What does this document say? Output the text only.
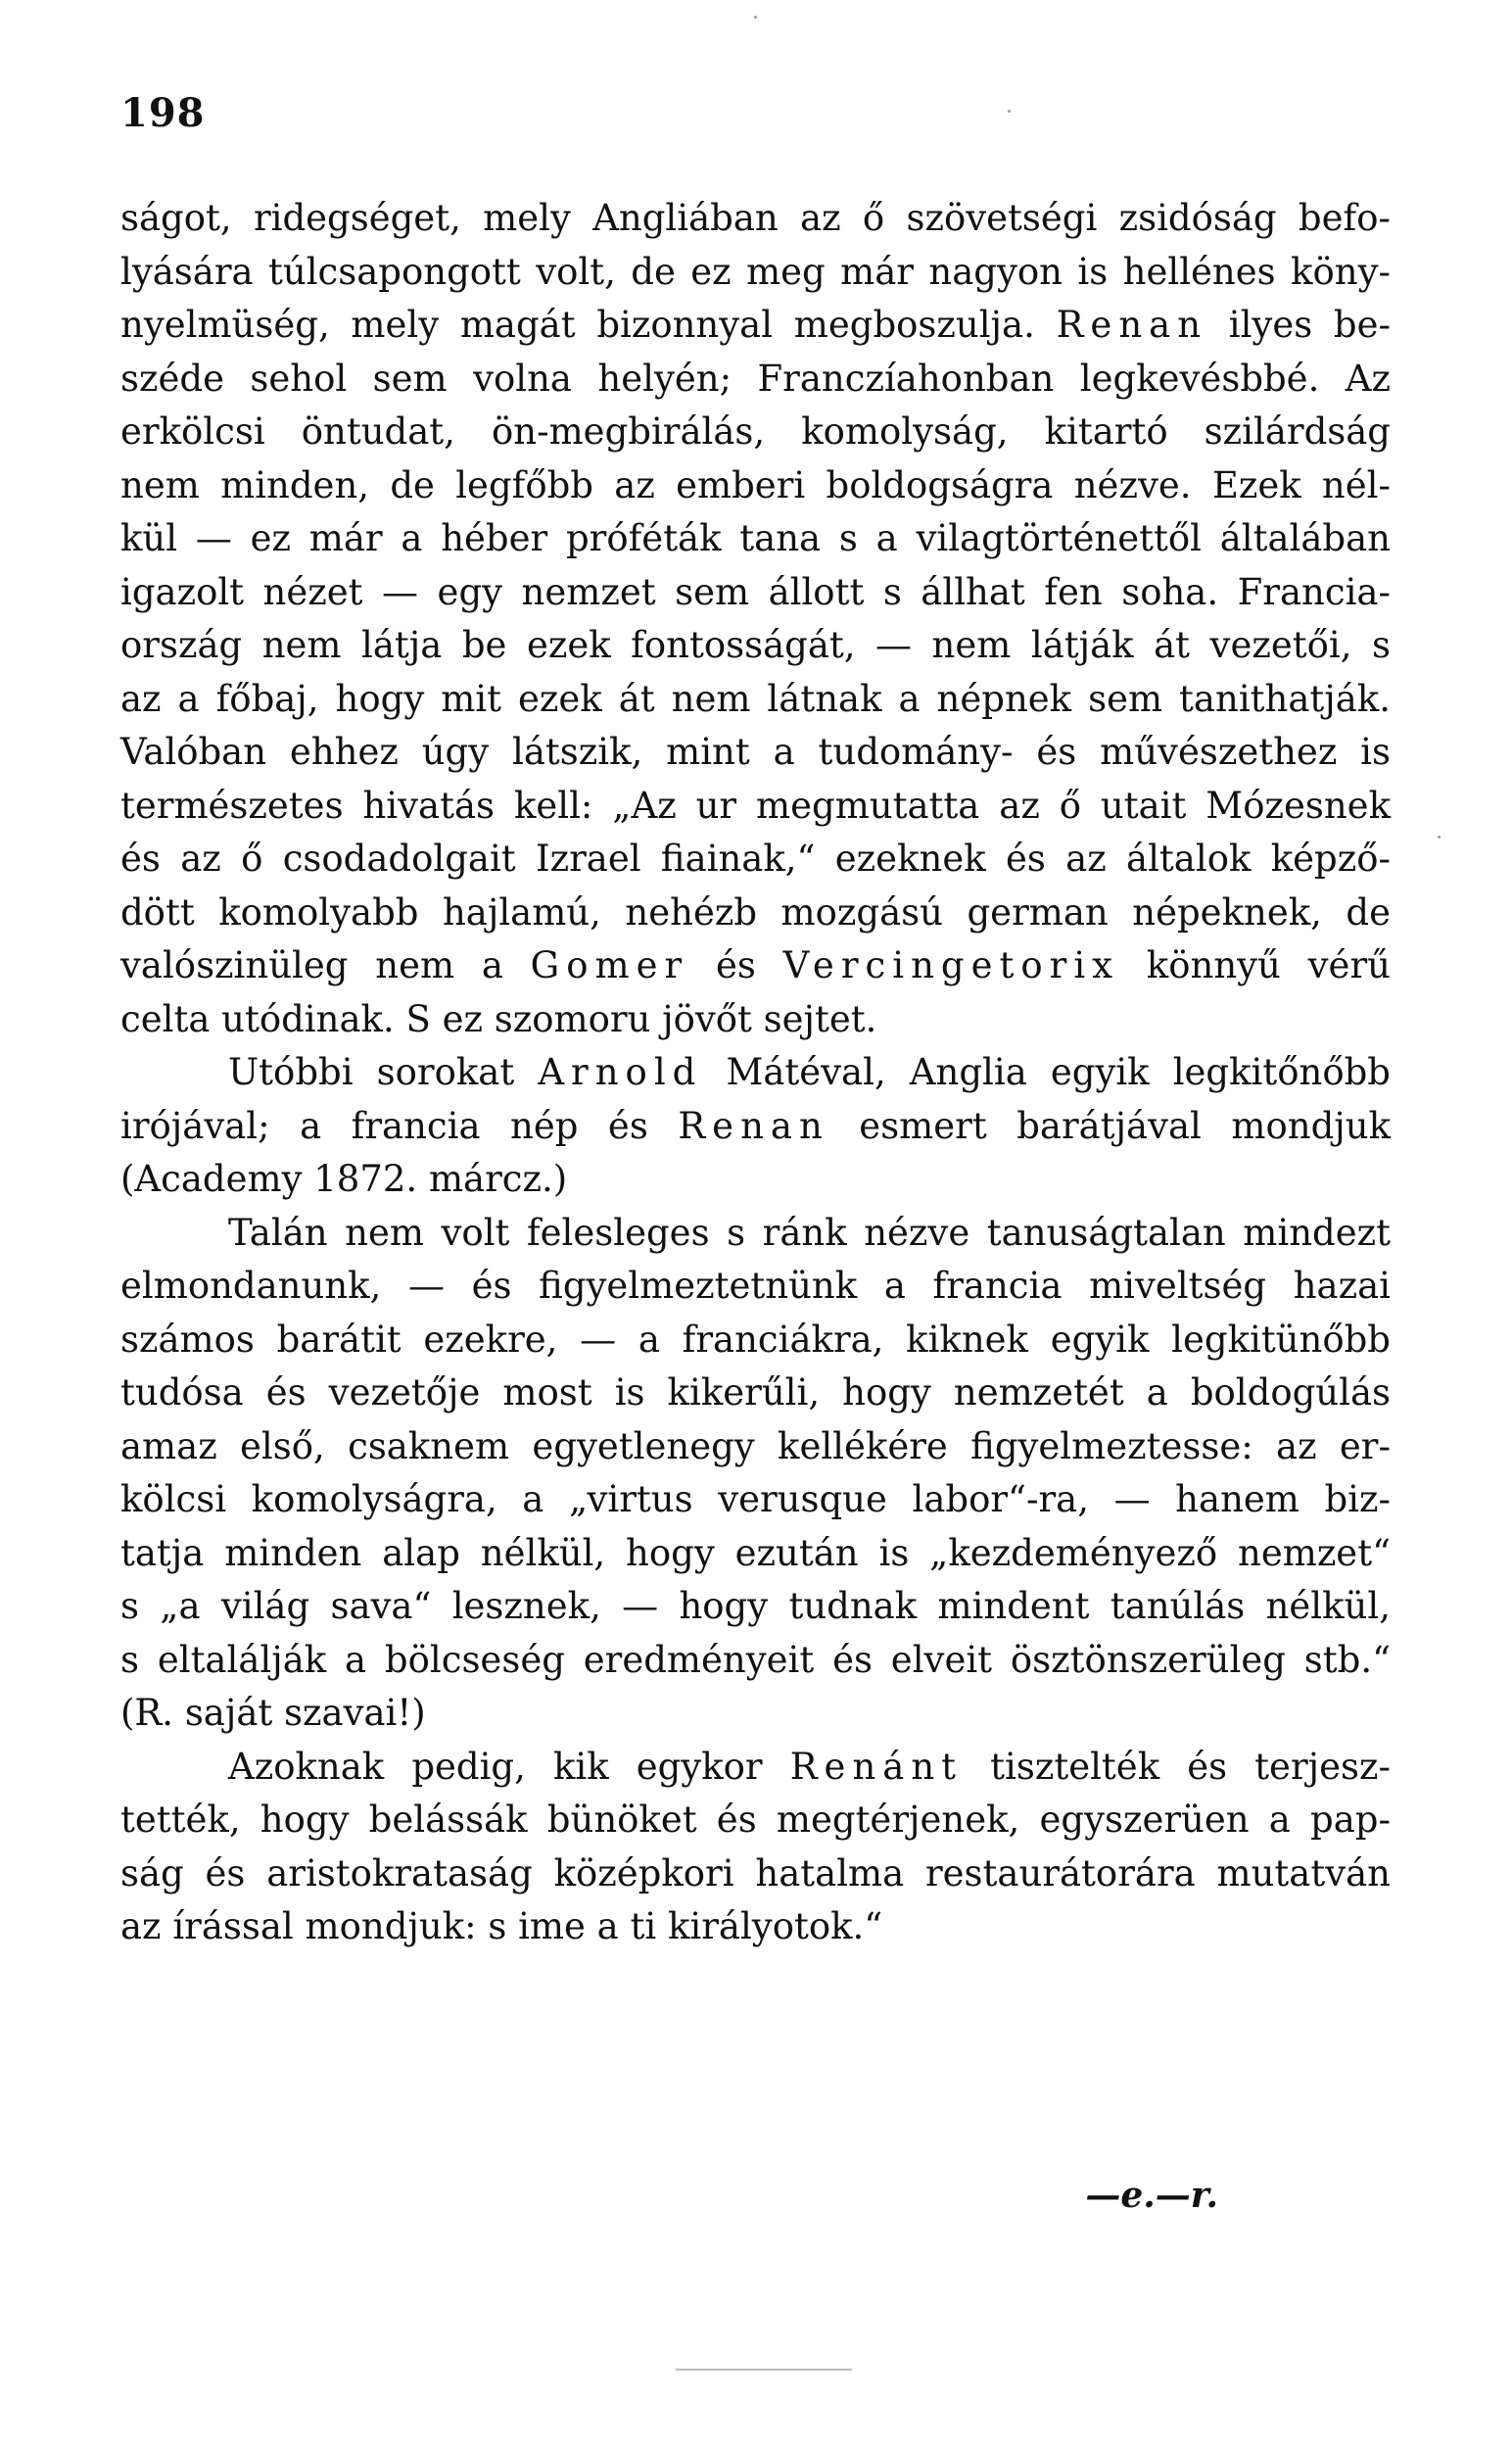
198
ságot, ridegséget, mely Angliában az ő szövetségi zsidóság befo-
lyására túlcsapongott volt, de ez meg már nagyon is hellénes köny-
nyelmüség, mely magát bizonnyal megboszulja. Renan ilyes be-
széde sehol sem volna helyén; Franczíahonban legkevésbbé. Az
erkölcsi öntudat, ön-megbirálás, komolyság, kitartó szilárdság
nem minden, de legfőbb az emberi boldogságra nézve. Ezek nél-
kül — ez már a héber próféták tana s a vilagtörténettől általában
igazolt nézet — egy nemzet sem állott s állhat fen soha. Francia-
ország nem látja be ezek fontosságát, — nem látják át vezetői, s
az a főbaj, hogy mit ezek át nem látnak a népnek sem tanithatják.
Valóban ehhez úgy látszik, mint a tudomány- és művészethez is
természetes hivatás kell: „Az ur megmutatta az ő utait Mózesnek
és az ő csodadolgait Izrael fiainak,“ ezeknek és az általok képző-
dött komolyabb hajlamú, nehézb mozgású german népeknek, de
valószinüleg nem a Gomer és Vercingetorix könnyű vérű
celta utódinak. S ez szomoru jövőt sejtet.
Utóbbi sorokat Arnold Mátéval, Anglia egyik legkitőnőbb
irójával; a francia nép és Renan esmert barátjával mondjuk
(Academy 1872. márcz.)
Talán nem volt felesleges s ránk nézve tanuságtalan mindezt
elmondanunk, — és figyelmeztetnünk a francia miveltség hazai
számos barátit ezekre, — a franciákra, kiknek egyik legkitünőbb
tudósa és vezetője most is kikerűli, hogy nemzetét a boldogúlás
amaz első, csaknem egyetlenegy kellékére figyelmeztesse: az er-
kölcsi komolyságra, a „virtus verusque labor“-ra, — hanem biz-
tatja minden alap nélkül, hogy ezután is „kezdeményező nemzet“
s „a világ sava“ lesznek, — hogy tudnak mindent tanúlás nélkül,
s eltalálják a bölcseség eredményeit és elveit ösztönszerüleg stb.“
(R. saját szavai!)
Azoknak pedig, kik egykor Renánt tisztelték és terjesz-
tették, hogy belássák bünöket és megtérjenek, egyszerüen a pap-
ság és aristokrataság középkori hatalma restaurátorára mutatván
az írással mondjuk: s ime a ti királyotok.“
—e.—r.
